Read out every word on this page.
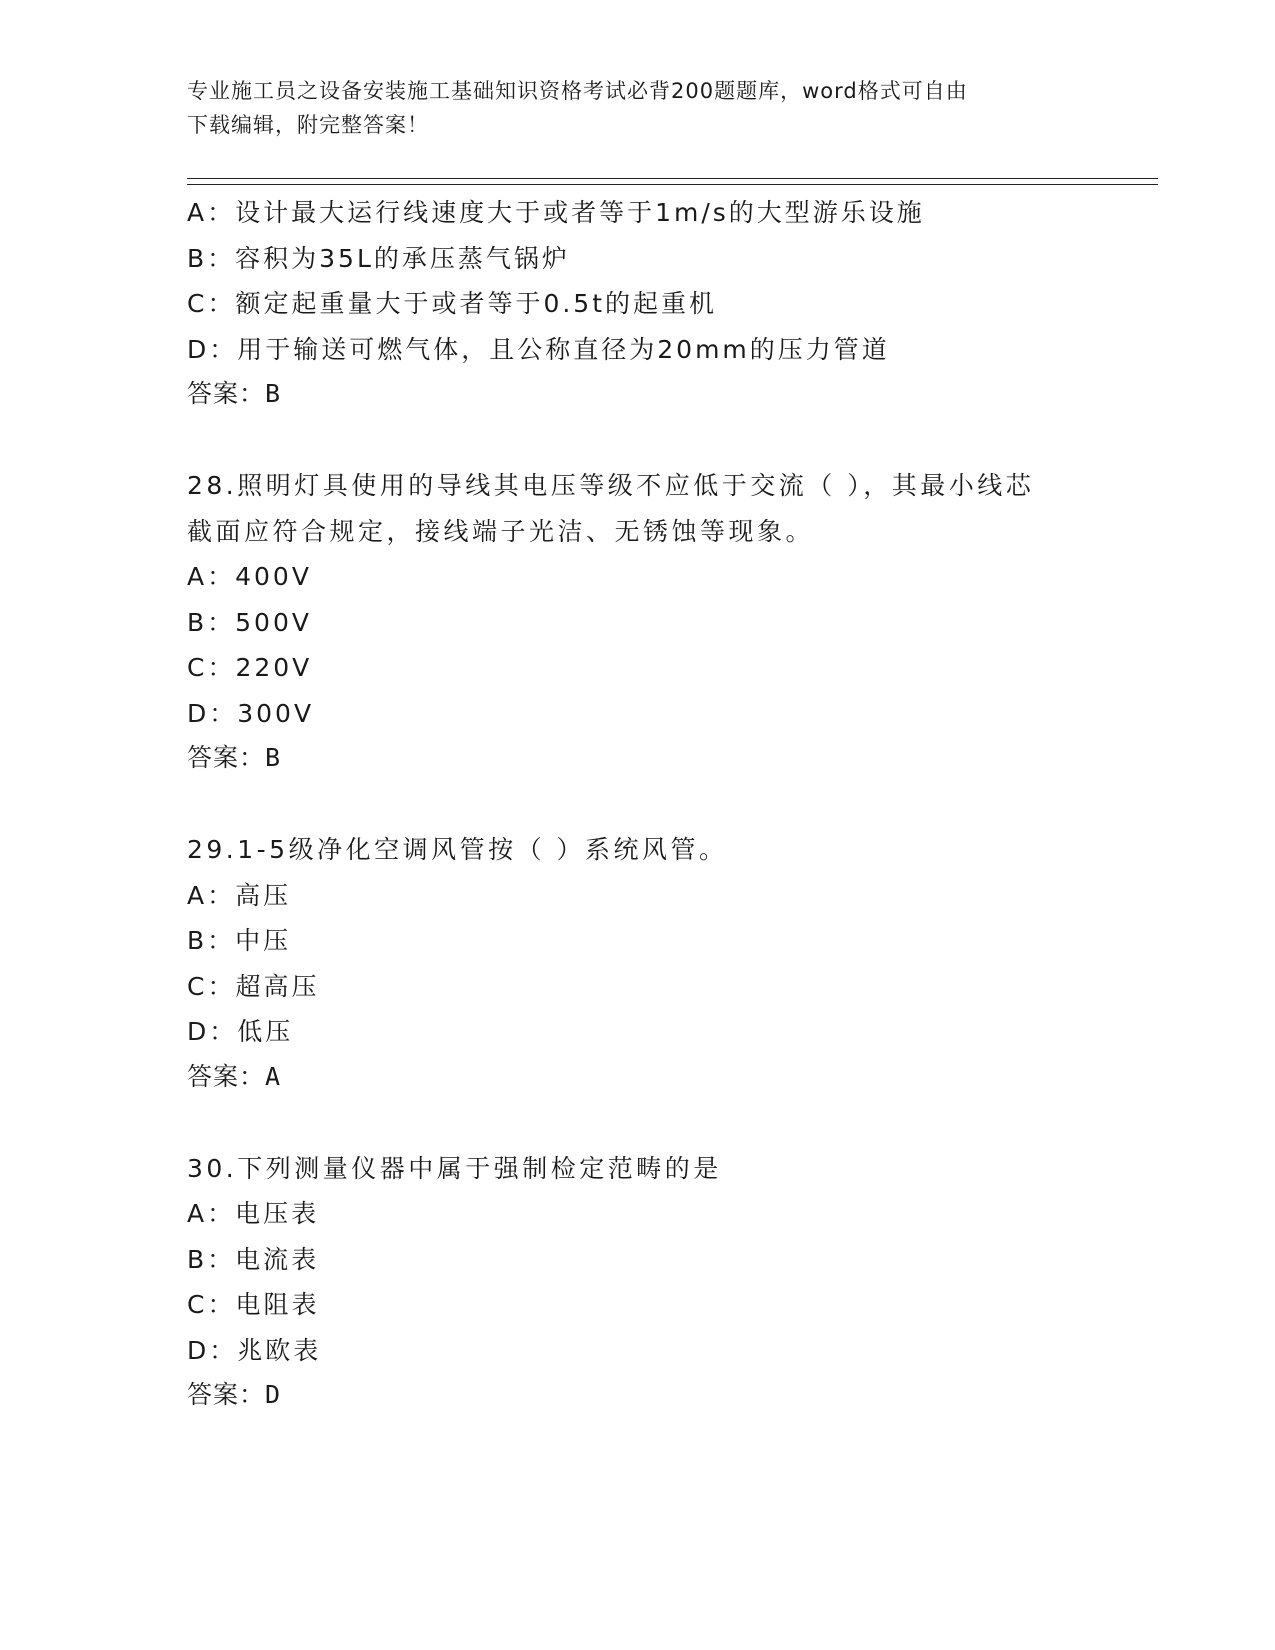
专业施工员之设备安装施工基础知识资格考试必背200题题库，word格式可自由
下载编辑，附完整答案！
A：设计最大运行线速度大于或者等于1m/s的大型游乐设施
B：容积为35L的承压蒸气锅炉
C：额定起重量大于或者等于0.5t的起重机
D：用于输送可燃气体，且公称直径为20mm的压力管道
答案：B
28.照明灯具使用的导线其电压等级不应低于交流（ ），其最小线芯
截面应符合规定，接线端子光洁、无锈蚀等现象。
A：400V
B：500V
C：220V
D：300V
答案：B
29.1-5级净化空调风管按（ ）系统风管。
A：高压
B：中压
C：超高压
D：低压
答案：A
30.下列测量仪器中属于强制检定范畴的是
A：电压表
B：电流表
C：电阻表
D：兆欧表
答案：D
